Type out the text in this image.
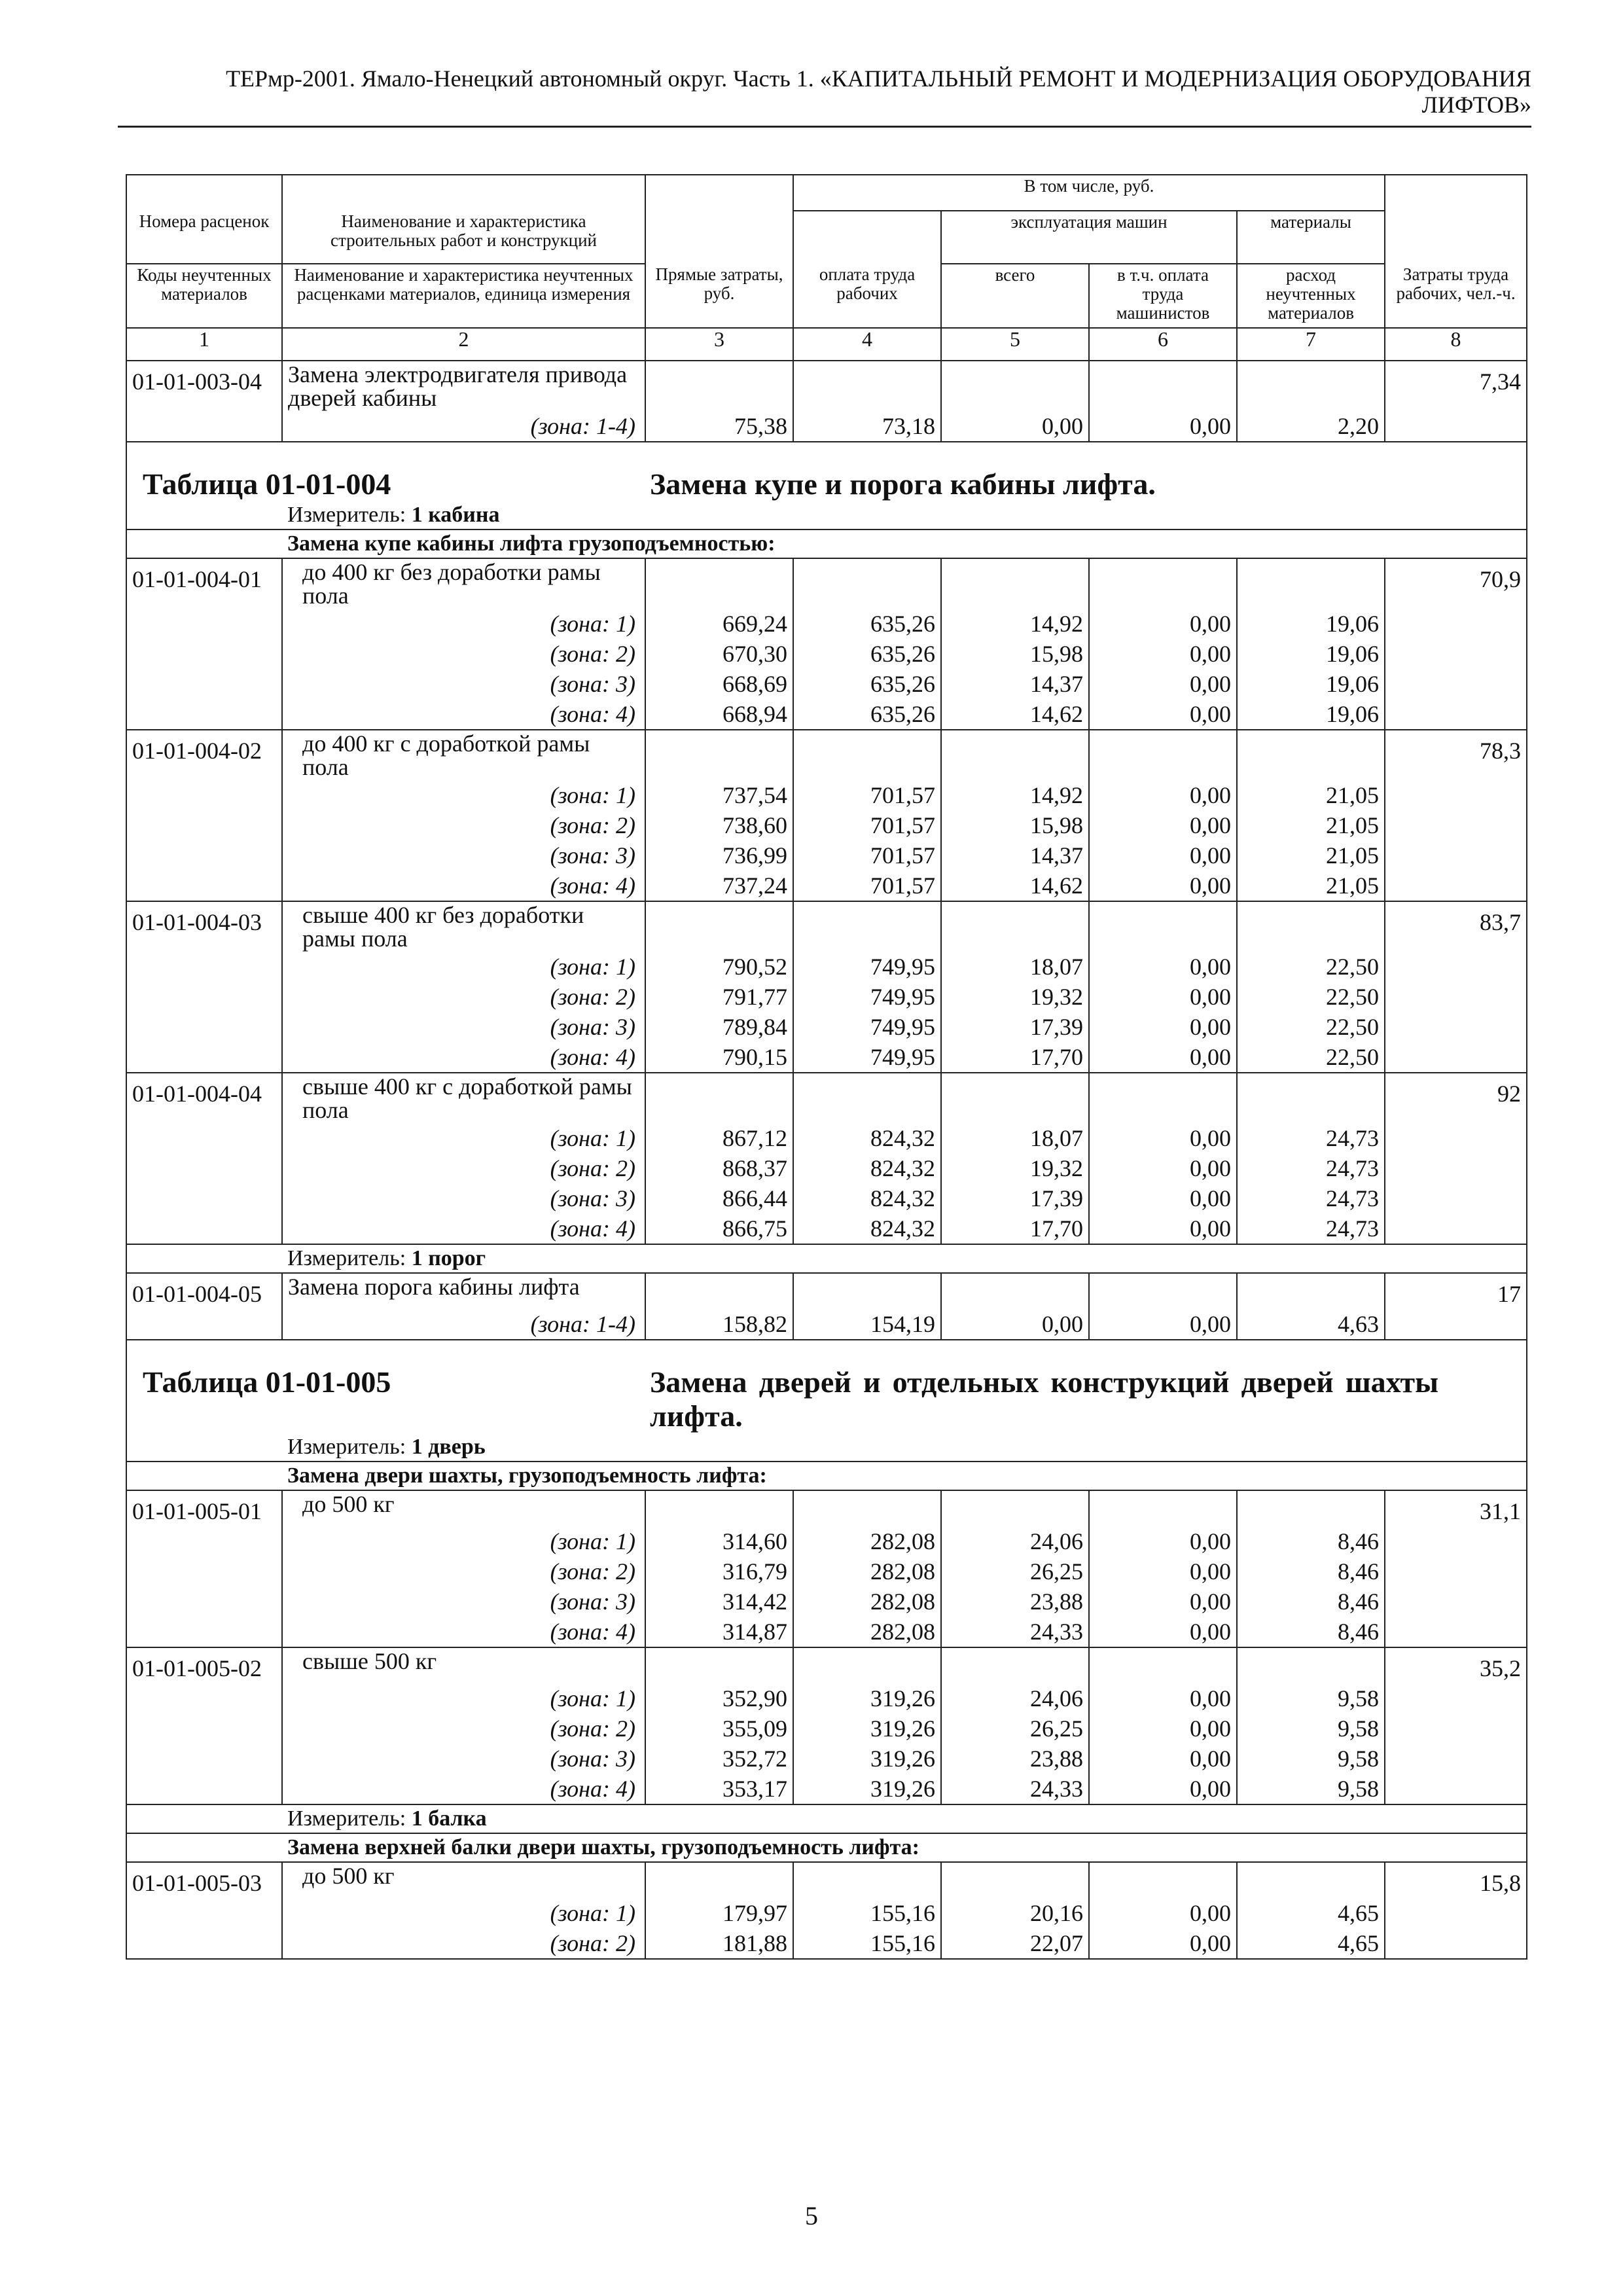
ТЕРмр-2001. Ямало-Ненецкий автономный округ. Часть 1. «КАПИТАЛЬНЫЙ РЕМОНТ И МОДЕРНИЗАЦИЯ ОБОРУДОВАНИЯ
ЛИФТОВ»
			В том числе, руб.				
Номера расценок	Наименование и характеристика строительных работ и конструкций			эксплуатация машин		материалы	
Коды неучтенных материалов	Наименование и характеристика неучтенных расценками материалов, единица измерения	Прямые затраты, руб.	оплата труда рабочих	всего	в т.ч. оплата труда машинистов	расход неучтенных материалов	Затраты труда рабочих, чел.-ч.
1	2	3	4	5	6	7	8
01-01-003-04	Замена электродвигателя привода дверей кабины						7,34
	(зона: 1-4)	75,38	73,18	0,00	0,00	2,20	

Таблица 01-01-004 Замена купе и порога кабины лифта.							

	Измеритель: 1 кабина						
	Замена купе кабины лифта грузоподъемностью:						
01-01-004-01	до 400 кг без доработки рамы пола						70,9
	(зона: 1)	669,24	635,26	14,92	0,00	19,06	
	(зона: 2)	670,30	635,26	15,98	0,00	19,06	
	(зона: 3)	668,69	635,26	14,37	0,00	19,06	
	(зона: 4)	668,94	635,26	14,62	0,00	19,06	
01-01-004-02	до 400 кг с доработкой рамы пола						78,3
	(зона: 1)	737,54	701,57	14,92	0,00	21,05	
	(зона: 2)	738,60	701,57	15,98	0,00	21,05	
	(зона: 3)	736,99	701,57	14,37	0,00	21,05	
	(зона: 4)	737,24	701,57	14,62	0,00	21,05	
01-01-004-03	свыше 400 кг без доработки рамы пола						83,7
	(зона: 1)	790,52	749,95	18,07	0,00	22,50	
	(зона: 2)	791,77	749,95	19,32	0,00	22,50	
	(зона: 3)	789,84	749,95	17,39	0,00	22,50	
	(зона: 4)	790,15	749,95	17,70	0,00	22,50	
01-01-004-04	свыше 400 кг с доработкой рамы пола						92
	(зона: 1)	867,12	824,32	18,07	0,00	24,73	
	(зона: 2)	868,37	824,32	19,32	0,00	24,73	
	(зона: 3)	866,44	824,32	17,39	0,00	24,73	
	(зона: 4)	866,75	824,32	17,70	0,00	24,73	
	Измеритель: 1 порог						
01-01-004-05	Замена порога кабины лифта						17
	(зона: 1-4)	158,82	154,19	0,00	0,00	4,63	

Таблица 01-01-005 Замена дверей и отдельных конструкций дверей шахты лифта.							

	Измеритель: 1 дверь						
	Замена двери шахты, грузоподъемность лифта:						
01-01-005-01	до 500 кг						31,1
	(зона: 1)	314,60	282,08	24,06	0,00	8,46	
	(зона: 2)	316,79	282,08	26,25	0,00	8,46	
	(зона: 3)	314,42	282,08	23,88	0,00	8,46	
	(зона: 4)	314,87	282,08	24,33	0,00	8,46	
01-01-005-02	свыше 500 кг						35,2
	(зона: 1)	352,90	319,26	24,06	0,00	9,58	
	(зона: 2)	355,09	319,26	26,25	0,00	9,58	
	(зона: 3)	352,72	319,26	23,88	0,00	9,58	
	(зона: 4)	353,17	319,26	24,33	0,00	9,58	
	Измеритель: 1 балка						
	Замена верхней балки двери шахты, грузоподъемность лифта:						
01-01-005-03	до 500 кг						15,8
	(зона: 1)	179,97	155,16	20,16	0,00	4,65	
	(зона: 2)	181,88	155,16	22,07	0,00	4,65	
5
